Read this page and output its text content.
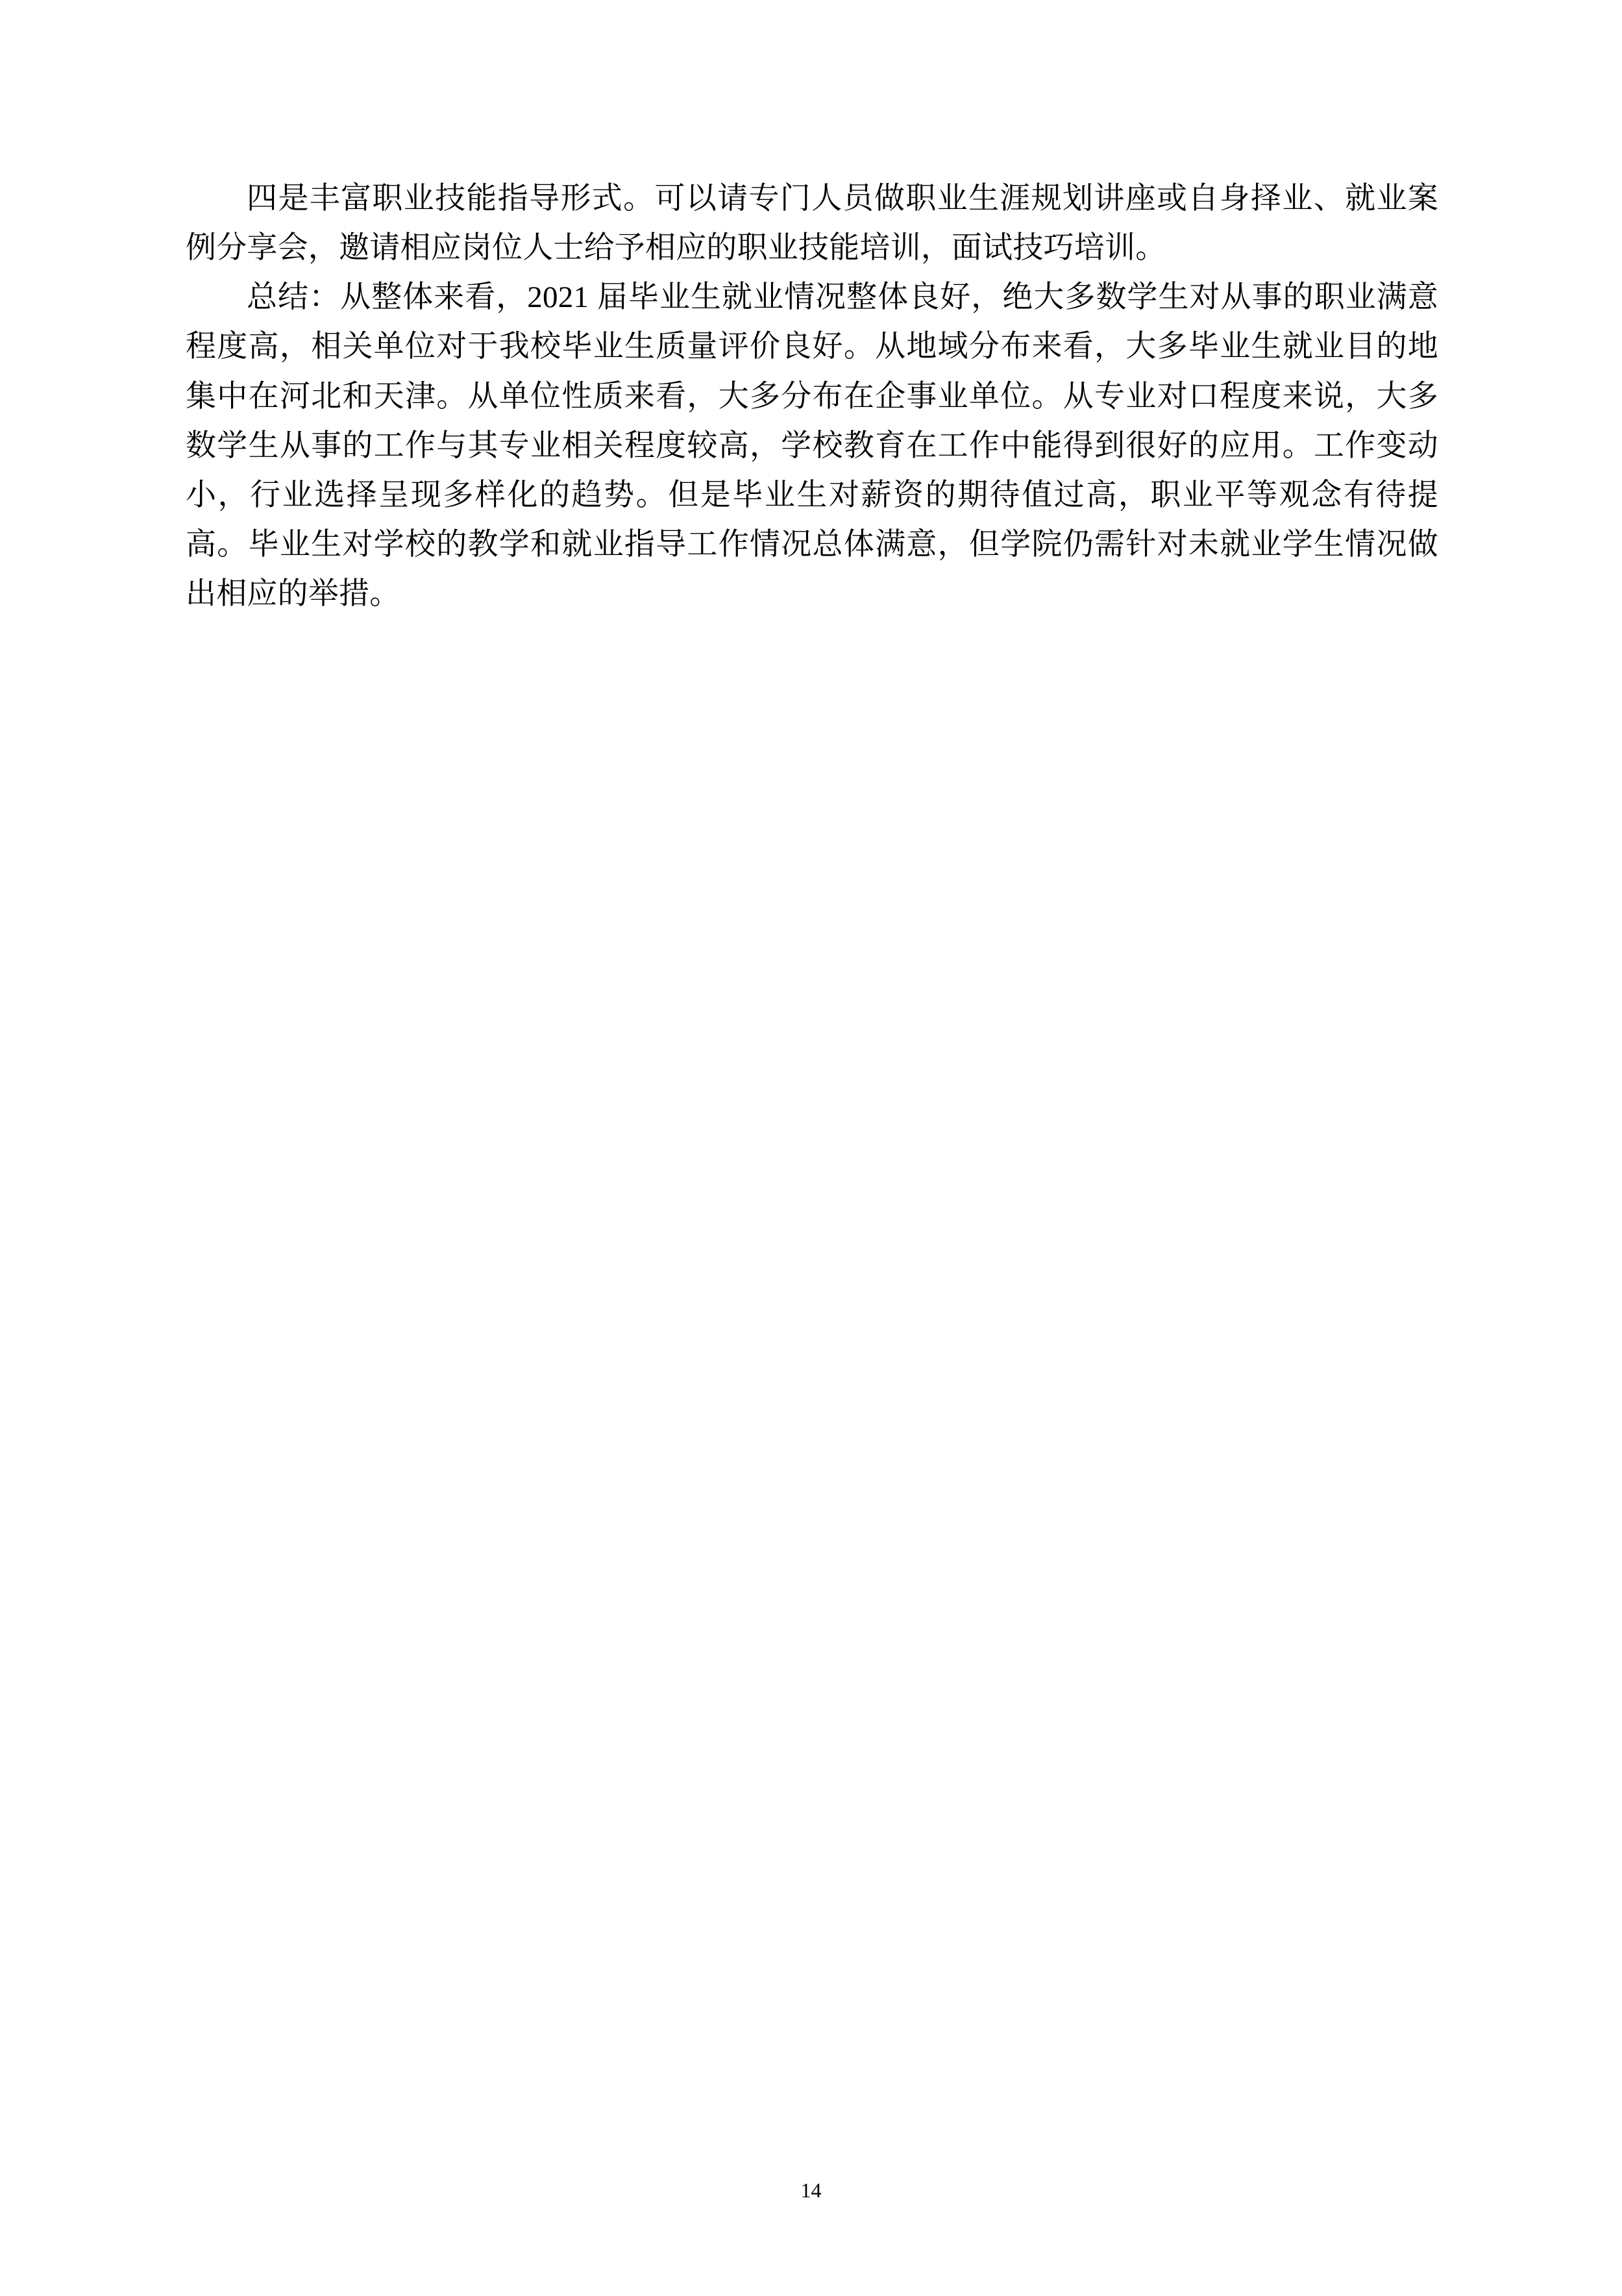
四是丰富职业技能指导形式。可以请专门人员做职业生涯规划讲座或自身择业、就业案例分享会，邀请相应岗位人士给予相应的职业技能培训，面试技巧培训。

总结：从整体来看，2021 届毕业生就业情况整体良好，绝大多数学生对从事的职业满意程度高，相关单位对于我校毕业生质量评价良好。从地域分布来看，大多毕业生就业目的地集中在河北和天津。从单位性质来看，大多分布在企事业单位。从专业对口程度来说，大多数学生从事的工作与其专业相关程度较高，学校教育在工作中能得到很好的应用。工作变动小，行业选择呈现多样化的趋势。但是毕业生对薪资的期待值过高，职业平等观念有待提高。毕业生对学校的教学和就业指导工作情况总体满意，但学院仍需针对未就业学生情况做出相应的举措。

14
